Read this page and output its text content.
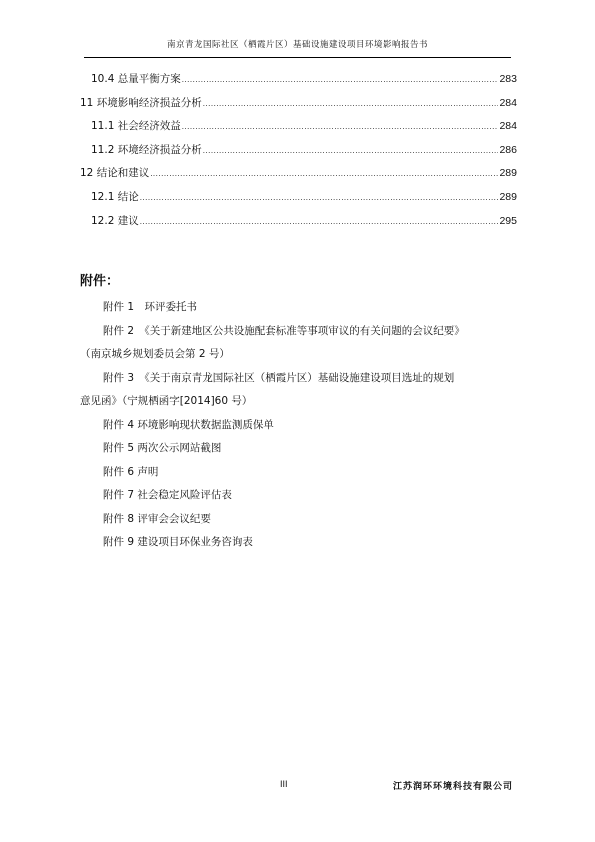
南京青龙国际社区（栖霞片区）基础设施建设项目环境影响报告书
10.4 总量平衡方案 .....	283
11 环境影响经济损益分析 .....	284
11.1 社会经济效益 .....	284
11.2 环境经济损益分析 .....	286
12 结论和建议 .....	289
12.1 结论 .....	289
12.2 建议 .....	295
附件：
附件 1　环评委托书
附件 2　《关于新建地区公共设施配套标准等事项审议的有关问题的会议纪要》
（南京城乡规划委员会第 2 号）
附件 3　《关于南京青龙国际社区（栖霞片区）基础设施建设项目选址的规划
意见函》（宁规栖函字[2014]60 号）
附件 4 环境影响现状数据监测质保单
附件 5 两次公示网站截图
附件 6 声明
附件 7 社会稳定风险评估表
附件 8 评审会会议纪要
附件 9 建设项目环保业务咨询表
III	江苏润环环境科技有限公司
